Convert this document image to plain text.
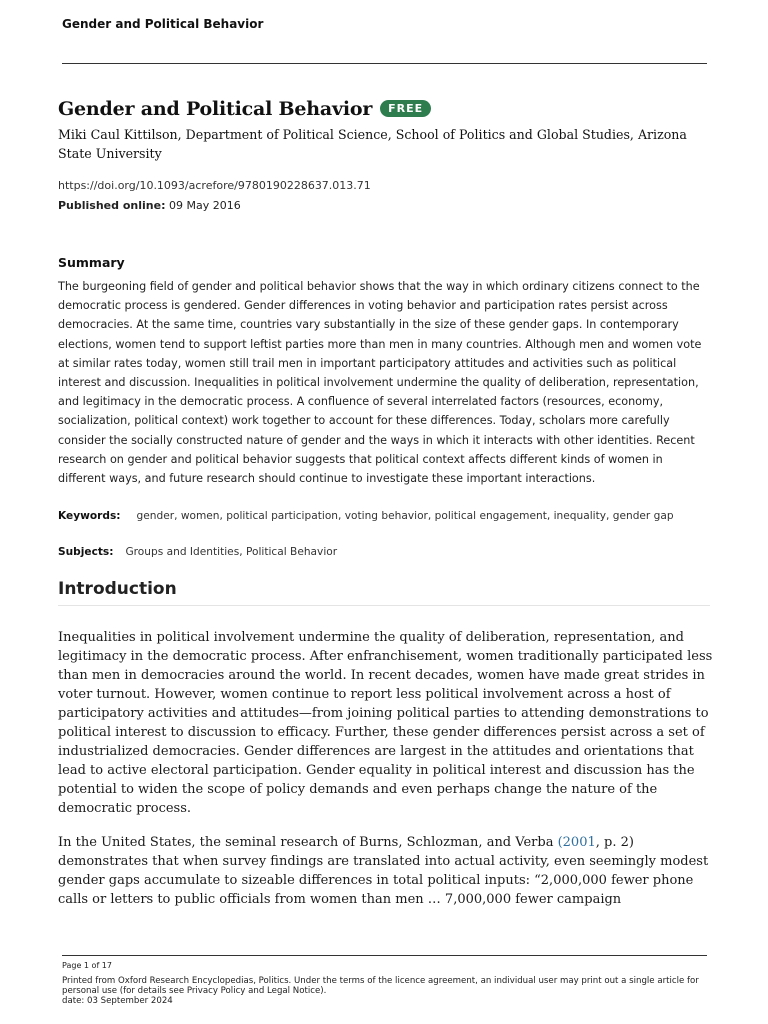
Gender and Political Behavior
Gender and Political Behavior	FREE
Miki Caul Kittilson, Department of Political Science, School of Politics and Global Studies, Arizona State University
https://doi.org/10.1093/acrefore/9780190228637.013.71
Published online: 09 May 2016
Summary

The burgeoning field of gender and political behavior shows that the way in which ordinary citizens connect to the democratic process is gendered. Gender differences in voting behavior and participation rates persist across democracies. At the same time, countries vary substantially in the size of these gender gaps. In contemporary elections, women tend to support leftist parties more than men in many countries. Although men and women vote at similar rates today, women still trail men in important participatory attitudes and activities such as political interest and discussion. Inequalities in political involvement undermine the quality of deliberation, representation, and legitimacy in the democratic process. A confluence of several interrelated factors (resources, economy, socialization, political context) work together to account for these differences. Today, scholars more carefully consider the socially constructed nature of gender and the ways in which it interacts with other identities. Recent research on gender and political behavior suggests that political context affects different kinds of women in different ways, and future research should continue to investigate these important interactions.

Keywords: gender, women, political participation, voting behavior, political engagement, inequality, gender gap
Subjects: Groups and Identities, Political Behavior
Introduction

Inequalities in political involvement undermine the quality of deliberation, representation, and legitimacy in the democratic process. After enfranchisement, women traditionally participated less than men in democracies around the world. In recent decades, women have made great strides in voter turnout. However, women continue to report less political involvement across a host of participatory activities and attitudes—from joining political parties to attending demonstrations to political interest to discussion to efficacy. Further, these gender differences persist across a set of industrialized democracies. Gender differences are largest in the attitudes and orientations that lead to active electoral participation. Gender equality in political interest and discussion has the potential to widen the scope of policy demands and even perhaps change the nature of the democratic process.

In the United States, the seminal research of Burns, Schlozman, and Verba (2001, p. 2) demonstrates that when survey findings are translated into actual activity, even seemingly modest gender gaps accumulate to sizeable differences in total political inputs: “2,000,000 fewer phone calls or letters to public officials from women than men … 7,000,000 fewer campaign

Page 1 of 17
Printed from Oxford Research Encyclopedias, Politics. Under the terms of the licence agreement, an individual user may print out a single article for personal use (for details see Privacy Policy and Legal Notice).
date: 03 September 2024
